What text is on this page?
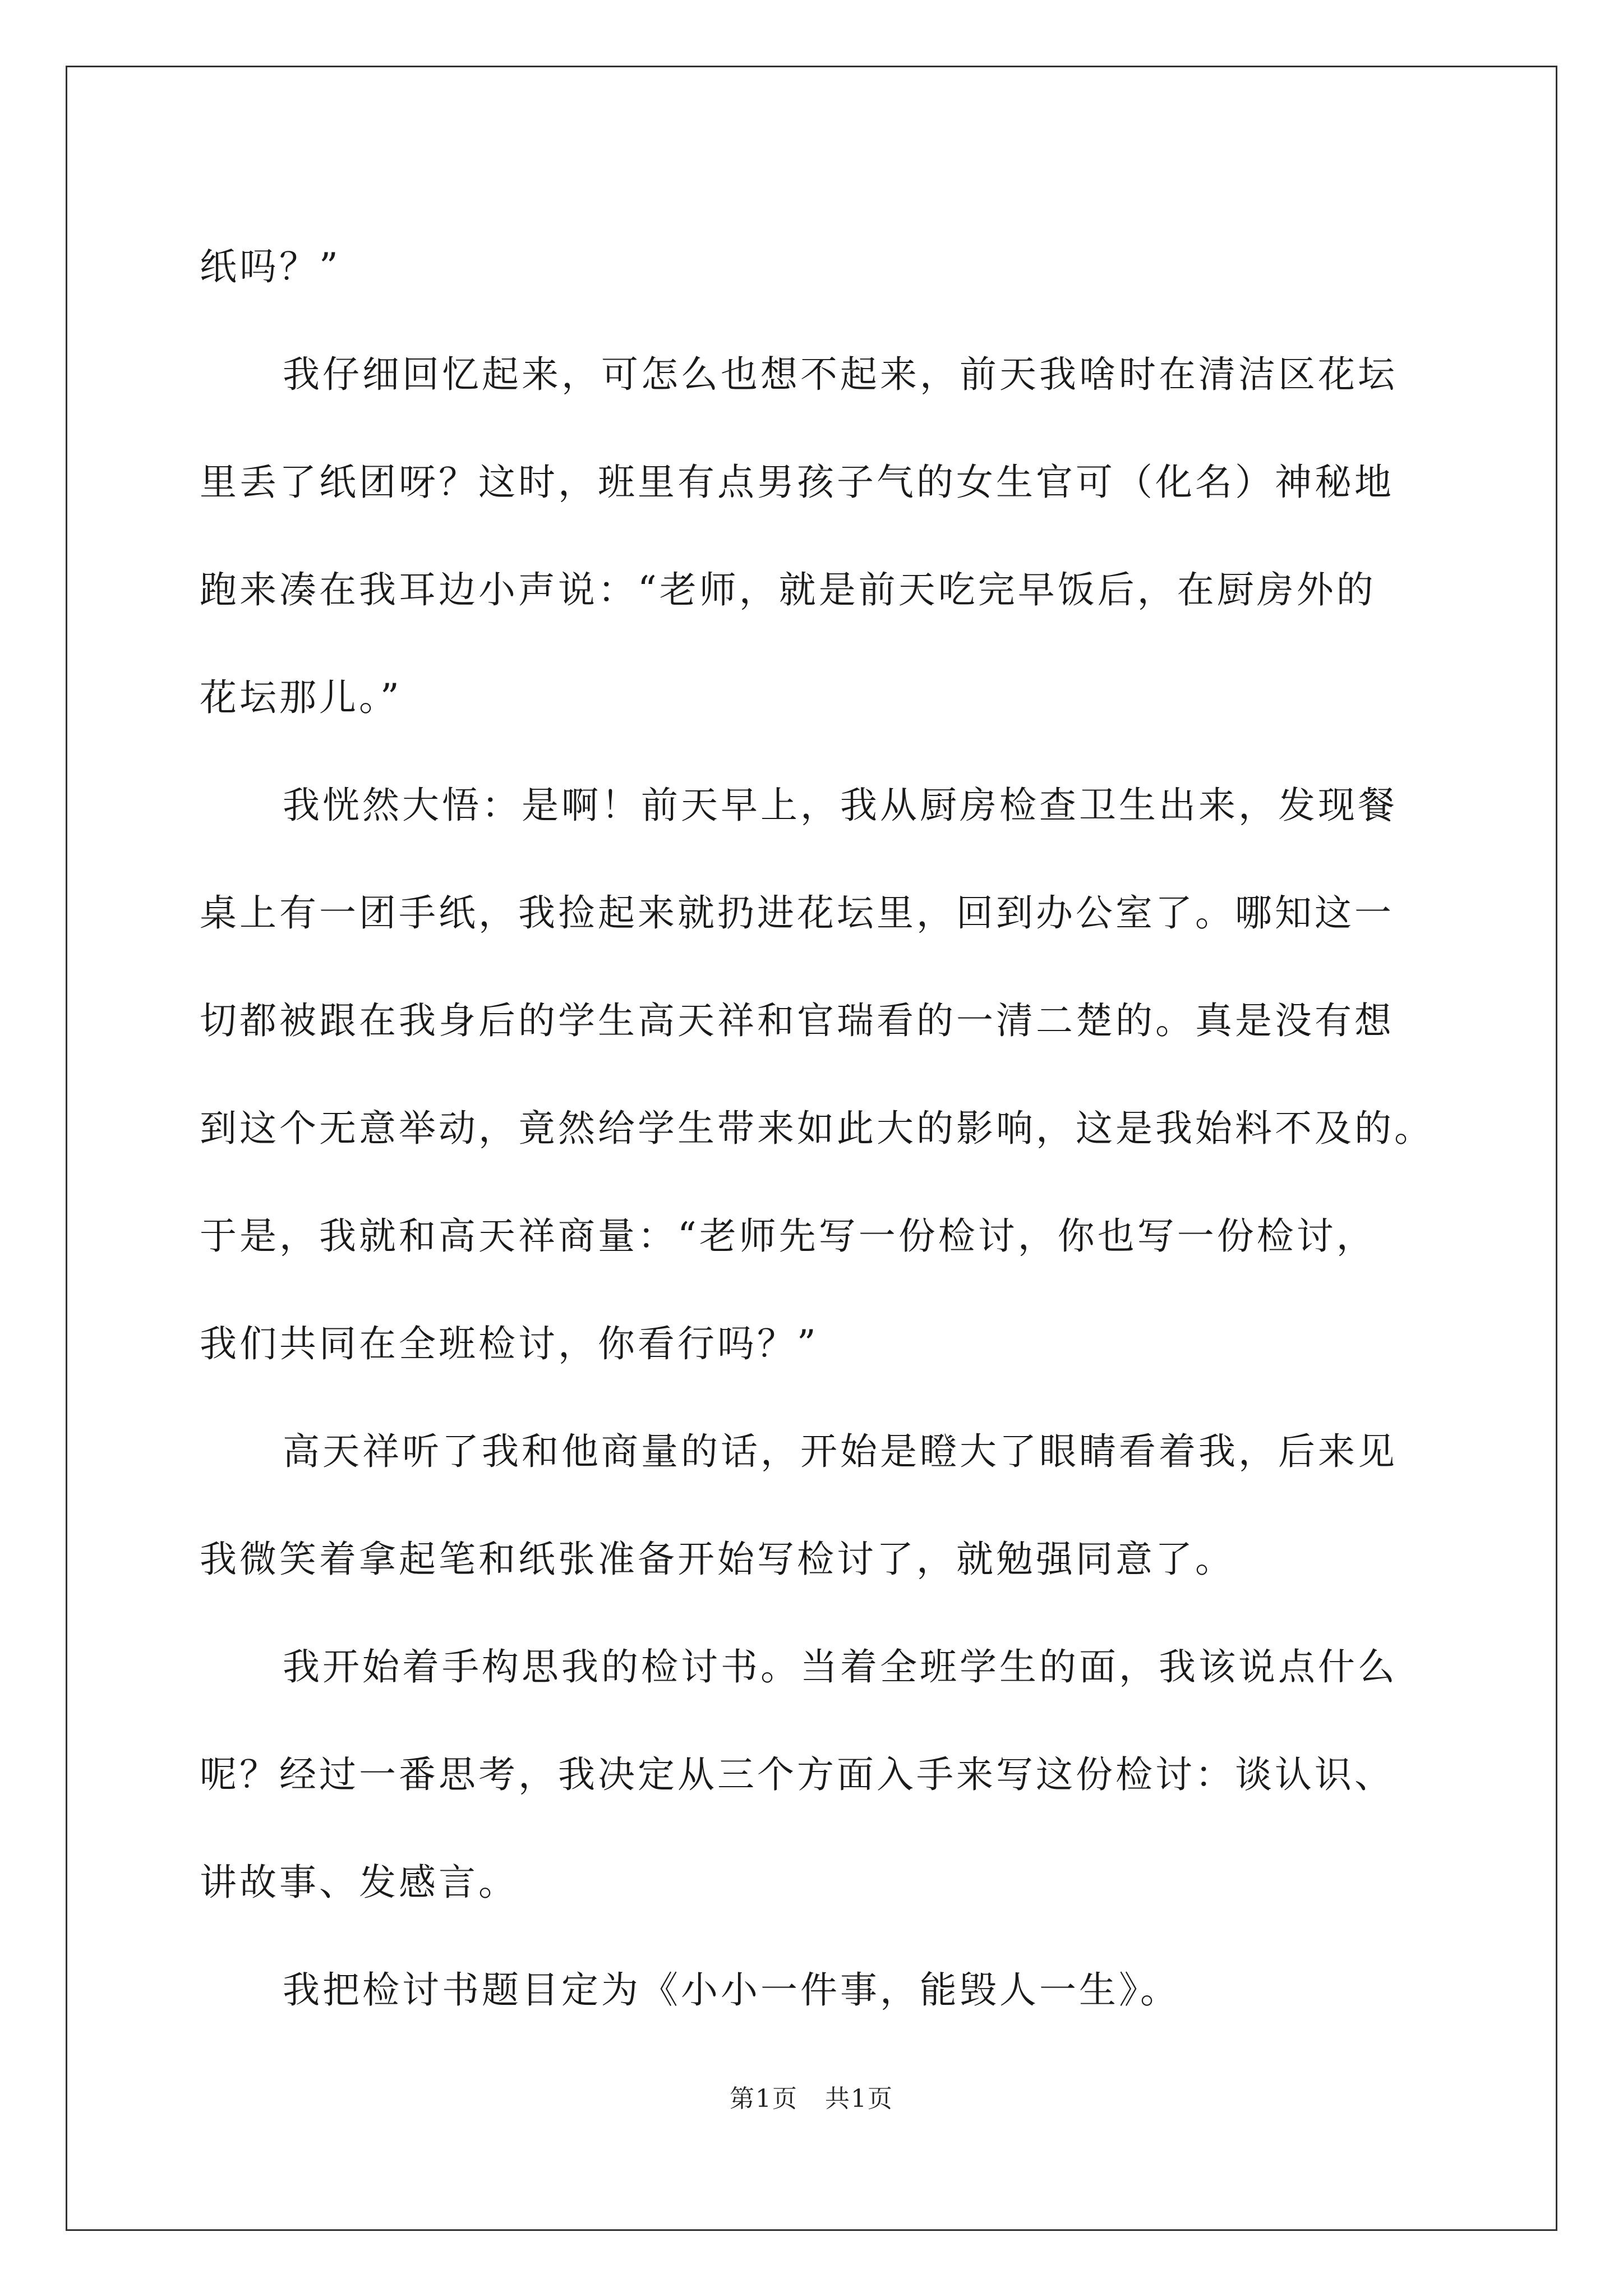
纸吗？”
我仔细回忆起来，可怎么也想不起来，前天我啥时在清洁区花坛
里丢了纸团呀？这时，班里有点男孩子气的女生官可（化名）神秘地
跑来凑在我耳边小声说：“老师，就是前天吃完早饭后，在厨房外的
花坛那儿。”
我恍然大悟：是啊！前天早上，我从厨房检查卫生出来，发现餐
桌上有一团手纸，我捡起来就扔进花坛里，回到办公室了。哪知这一
切都被跟在我身后的学生高天祥和官瑞看的一清二楚的。真是没有想
到这个无意举动，竟然给学生带来如此大的影响，这是我始料不及的。
于是，我就和高天祥商量：“老师先写一份检讨，你也写一份检讨，
我们共同在全班检讨，你看行吗？”
高天祥听了我和他商量的话，开始是瞪大了眼睛看着我，后来见
我微笑着拿起笔和纸张准备开始写检讨了，就勉强同意了。
我开始着手构思我的检讨书。当着全班学生的面，我该说点什么
呢？经过一番思考，我决定从三个方面入手来写这份检讨：谈认识、
讲故事、发感言。
我把检讨书题目定为《小小一件事，能毁人一生》。
第1页 共1页
